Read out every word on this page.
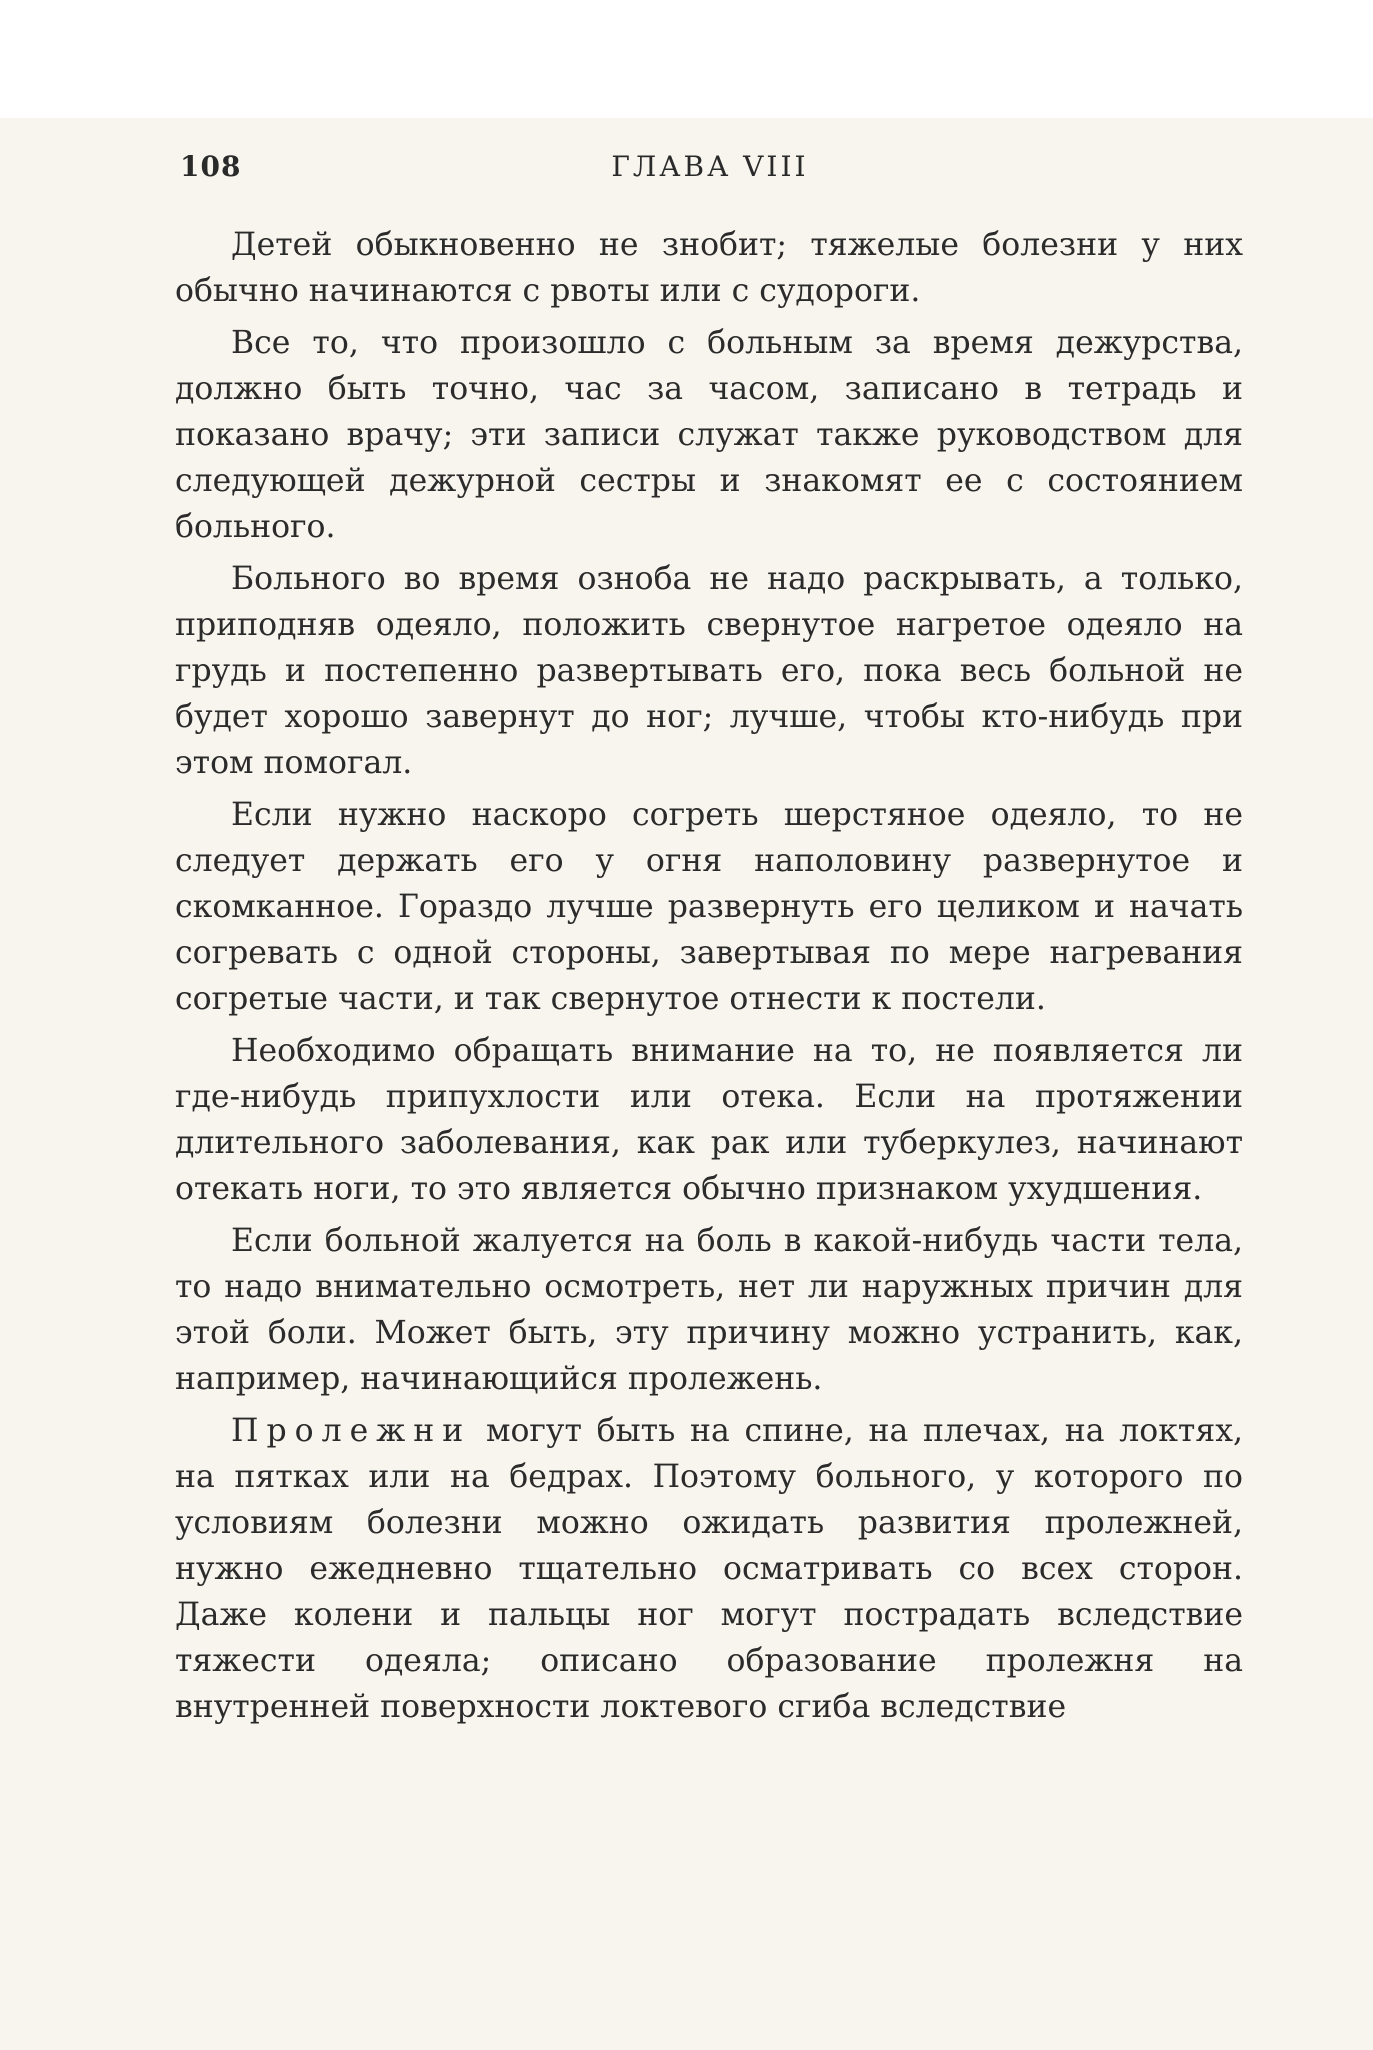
108	ГЛАВА VIII

Детей обыкновенно не знобит; тяжелые болезни у них обычно начинаются с рвоты или с судороги.

Все то, что произошло с больным за время дежурства, должно быть точно, час за часом, записано в тетрадь и показано врачу; эти записи служат также руководством для следующей дежурной сестры и знакомят ее с состоянием больного.

Больного во время озноба не надо раскрывать, а только, приподняв одеяло, положить свернутое нагретое одеяло на грудь и постепенно развертывать его, пока весь больной не будет хорошо завернут до ног; лучше, чтобы кто-нибудь при этом помогал.

Если нужно наскоро согреть шерстяное одеяло, то не следует держать его у огня наполовину развернутое и скомканное. Гораздо лучше развернуть его целиком и начать согревать с одной стороны, завертывая по мере нагревания согретые части, и так свернутое отнести к постели.

Необходимо обращать внимание на то, не появляется ли где-нибудь припухлости или отека. Если на протяжении длительного заболевания, как рак или туберкулез, начинают отекать ноги, то это является обычно признаком ухудшения.

Если больной жалуется на боль в какой-нибудь части тела, то надо внимательно осмотреть, нет ли наружных причин для этой боли. Может быть, эту причину можно устранить, как, например, начинающийся пролежень.

Пролежни могут быть на спине, на плечах, на локтях, на пятках или на бедрах. Поэтому больного, у которого по условиям болезни можно ожидать развития пролежней, нужно ежедневно тщательно осматривать со всех сторон. Даже колени и пальцы ног могут пострадать вследствие тяжести одеяла; описано образование пролежня на внутренней поверхности локтевого сгиба вследствие
